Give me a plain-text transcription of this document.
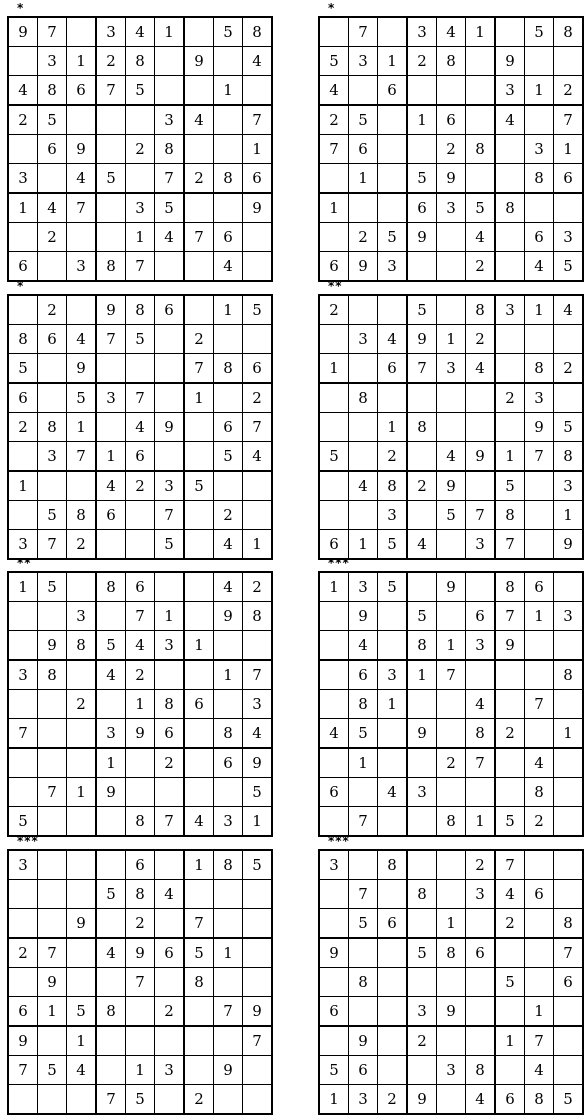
*
9	7		3	4	1		5	8
	3	1	2	8		9		4
4	8	6	7	5			1	
2	5				3	4		7
	6	9		2	8			1
3		4	5		7	2	8	6
1	4	7		3	5			9
	2			1	4	7	6	
6		3	8	7			4	
*
	7		3	4	1		5	8
5	3	1	2	8		9		
4		6				3	1	2
2	5		1	6		4		7
7	6			2	8		3	1
	1		5	9			8	6
1			6	3	5	8		
	2	5	9		4		6	3
6	9	3			2		4	5
*
	2		9	8	6		1	5
8	6	4	7	5		2		
5		9				7	8	6
6		5	3	7		1		2
2	8	1		4	9		6	7
	3	7	1	6			5	4
1			4	2	3	5		
	5	8	6		7		2	
3	7	2			5		4	1
**
2			5		8	3	1	4
	3	4	9	1	2			
1		6	7	3	4		8	2
	8					2	3	
		1	8				9	5
5		2		4	9	1	7	8
	4	8	2	9		5		3
		3		5	7	8		1
6	1	5	4		3	7		9
**
1	5		8	6			4	2
		3		7	1		9	8
	9	8	5	4	3	1		
3	8		4	2			1	7
		2		1	8	6		3
7			3	9	6		8	4
			1		2		6	9
	7	1	9					5
5				8	7	4	3	1
***
1	3	5		9		8	6	
	9		5		6	7	1	3
	4		8	1	3	9		
	6	3	1	7				8
	8	1			4		7	
4	5		9		8	2		1
	1			2	7		4	
6		4	3				8	
	7			8	1	5	2	
***
3				6		1	8	5
			5	8	4			
		9		2		7		
2	7		4	9	6	5	1	
	9			7		8		
6	1	5	8		2		7	9
9		1						7
7	5	4		1	3		9	
			7	5		2		
***
3		8			2	7		
	7		8		3	4	6	
	5	6		1		2		8
9			5	8	6			7
	8					5		6
6			3	9			1	
	9		2			1	7	
5	6			3	8		4	
1	3	2	9		4	6	8	5
